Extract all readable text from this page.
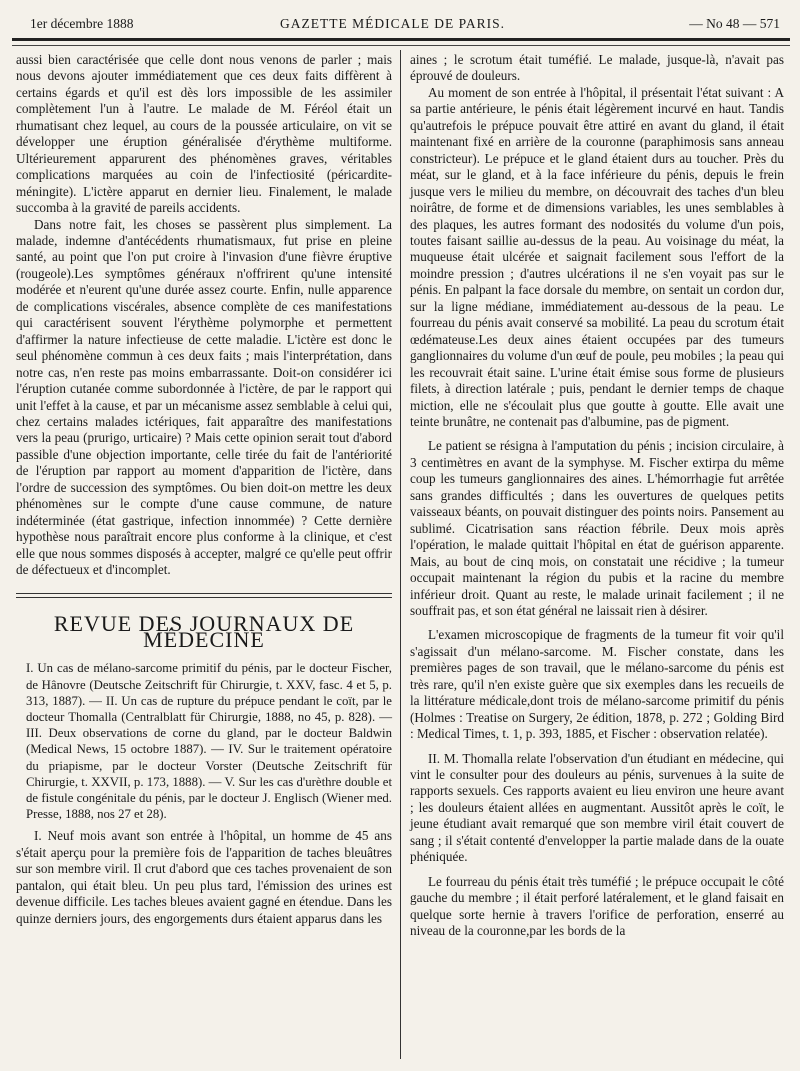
1er décembre 1888	GAZETTE MÉDICALE DE PARIS.	— No 48 — 571

aussi bien caractérisée que celle dont nous venons de parler ; mais nous devons ajouter immédiatement que ces deux faits diffèrent à certains égards et qu'il est dès lors impossible de les assimiler complètement l'un à l'autre. Le malade de M. Féréol était un rhumatisant chez lequel, au cours de la poussée articulaire, on vit se développer une éruption généralisée d'érythème multiforme. Ultérieurement apparurent des phénomènes graves, véritables complications marquées au coin de l'infectiosité (péricardite-méningite). L'ictère apparut en dernier lieu. Finalement, le malade succomba à la gravité de pareils accidents.

Dans notre fait, les choses se passèrent plus simplement. La malade, indemne d'antécédents rhumatismaux, fut prise en pleine santé, au point que l'on put croire à l'invasion d'une fièvre éruptive (rougeole).Les symptômes généraux n'offrirent qu'une intensité modérée et n'eurent qu'une durée assez courte. Enfin, nulle apparence de complications viscérales, absence complète de ces manifestations qui caractérisent souvent l'érythème polymorphe et permettent d'affirmer la nature infectieuse de cette maladie. L'ictère est donc le seul phénomène commun à ces deux faits ; mais l'interprétation, dans notre cas, n'en reste pas moins embarrassante. Doit-on considérer ici l'éruption cutanée comme subordonnée à l'ictère, de par le rapport qui unit l'effet à la cause, et par un mécanisme assez semblable à celui qui, chez certains malades ictériques, fait apparaître des manifestations vers la peau (prurigo, urticaire) ? Mais cette opinion serait tout d'abord passible d'une objection importante, celle tirée du fait de l'antériorité de l'éruption par rapport au moment d'apparition de l'ictère, dans l'ordre de succession des symptômes. Ou bien doit-on mettre les deux phénomènes sur le compte d'une cause commune, de nature indéterminée (état gastrique, infection innommée) ? Cette dernière hypothèse nous paraîtrait encore plus conforme à la clinique, et c'est elle que nous sommes disposés à accepter, malgré ce qu'elle peut offrir de défectueux et d'incomplet.

REVUE DES JOURNAUX DE MÉDECINE

I. Un cas de mélano-sarcome primitif du pénis, par le docteur Fischer, de Hânovre (Deutsche Zeitschrift für Chirurgie, t. XXV, fasc. 4 et 5, p. 313, 1887). — II. Un cas de rupture du prépuce pendant le coït, par le docteur Thomalla (Centralblatt für Chirurgie, 1888, no 45, p. 828). — III. Deux observations de corne du gland, par le docteur Baldwin (Medical News, 15 octobre 1887). — IV. Sur le traitement opératoire du priapisme, par le docteur Vorster (Deutsche Zeitschrift für Chirurgie, t. XXVII, p. 173, 1888). — V. Sur les cas d'urèthre double et de fistule congénitale du pénis, par le docteur J. Englisch (Wiener med. Presse, 1888, nos 27 et 28).

I. Neuf mois avant son entrée à l'hôpital, un homme de 45 ans s'était aperçu pour la première fois de l'apparition de taches bleuâtres sur son membre viril. Il crut d'abord que ces taches provenaient de son pantalon, qui était bleu. Un peu plus tard, l'émission des urines est devenue difficile. Les taches bleues avaient gagné en étendue. Dans les quinze derniers jours, des engorgements durs étaient apparus dans les

aines ; le scrotum était tuméfié. Le malade, jusque-là, n'avait pas éprouvé de douleurs.

Au moment de son entrée à l'hôpital, il présentait l'état suivant : A sa partie antérieure, le pénis était légèrement incurvé en haut. Tandis qu'autrefois le prépuce pouvait être attiré en avant du gland, il était maintenant fixé en arrière de la couronne (paraphimosis sans anneau constricteur). Le prépuce et le gland étaient durs au toucher. Près du méat, sur le gland, et à la face inférieure du pénis, depuis le frein jusque vers le milieu du membre, on découvrait des taches d'un bleu noirâtre, de forme et de dimensions variables, les unes semblables à des plaques, les autres formant des nodosités du volume d'un pois, toutes faisant saillie au-dessus de la peau. Au voisinage du méat, la muqueuse était ulcérée et saignait facilement sous l'effort de la moindre pression ; d'autres ulcérations il ne s'en voyait pas sur le pénis. En palpant la face dorsale du membre, on sentait un cordon dur, sur la ligne médiane, immédiatement au-dessous de la peau. Le fourreau du pénis avait conservé sa mobilité. La peau du scrotum était œdémateuse.Les deux aines étaient occupées par des tumeurs ganglionnaires du volume d'un œuf de poule, peu mobiles ; la peau qui les recouvrait était saine. L'urine était émise sous forme de plusieurs filets, à direction latérale ; puis, pendant le dernier temps de chaque miction, elle ne s'écoulait plus que goutte à goutte. Elle avait une teinte brunâtre, ne contenait pas d'albumine, pas de pigment.

Le patient se résigna à l'amputation du pénis ; incision circulaire, à 3 centimètres en avant de la symphyse. M. Fischer extirpa du même coup les tumeurs ganglionnaires des aines. L'hémorrhagie fut arrêtée sans grandes difficultés ; dans les ouvertures de quelques petits vaisseaux béants, on pouvait distinguer des points noirs. Pansement au sublimé. Cicatrisation sans réaction fébrile. Deux mois après l'opération, le malade quittait l'hôpital en état de guérison apparente. Mais, au bout de cinq mois, on constatait une récidive ; la tumeur occupait maintenant la région du pubis et la racine du membre inférieur droit. Quant au reste, le malade urinait facilement ; il ne souffrait pas, et son état général ne laissait rien à désirer.

L'examen microscopique de fragments de la tumeur fit voir qu'il s'agissait d'un mélano-sarcome. M. Fischer constate, dans les premières pages de son travail, que le mélano-sarcome du pénis est très rare, qu'il n'en existe guère que six exemples dans les recueils de la littérature médicale,dont trois de mélano-sarcome primitif du pénis (Holmes : Treatise on Surgery, 2e édition, 1878, p. 272 ; Golding Bird : Medical Times, t. 1, p. 393, 1885, et Fischer : observation relatée).

II. M. Thomalla relate l'observation d'un étudiant en médecine, qui vint le consulter pour des douleurs au pénis, survenues à la suite de rapports sexuels. Ces rapports avaient eu lieu environ une heure avant ; les douleurs étaient allées en augmentant. Aussitôt après le coït, le jeune étudiant avait remarqué que son membre viril était couvert de sang ; il s'était contenté d'envelopper la partie malade dans de la ouate phéniquée.

Le fourreau du pénis était très tuméfié ; le prépuce occupait le côté gauche du membre ; il était perforé latéralement, et le gland faisait en quelque sorte hernie à travers l'orifice de perforation, enserré au niveau de la couronne,par les bords de la
